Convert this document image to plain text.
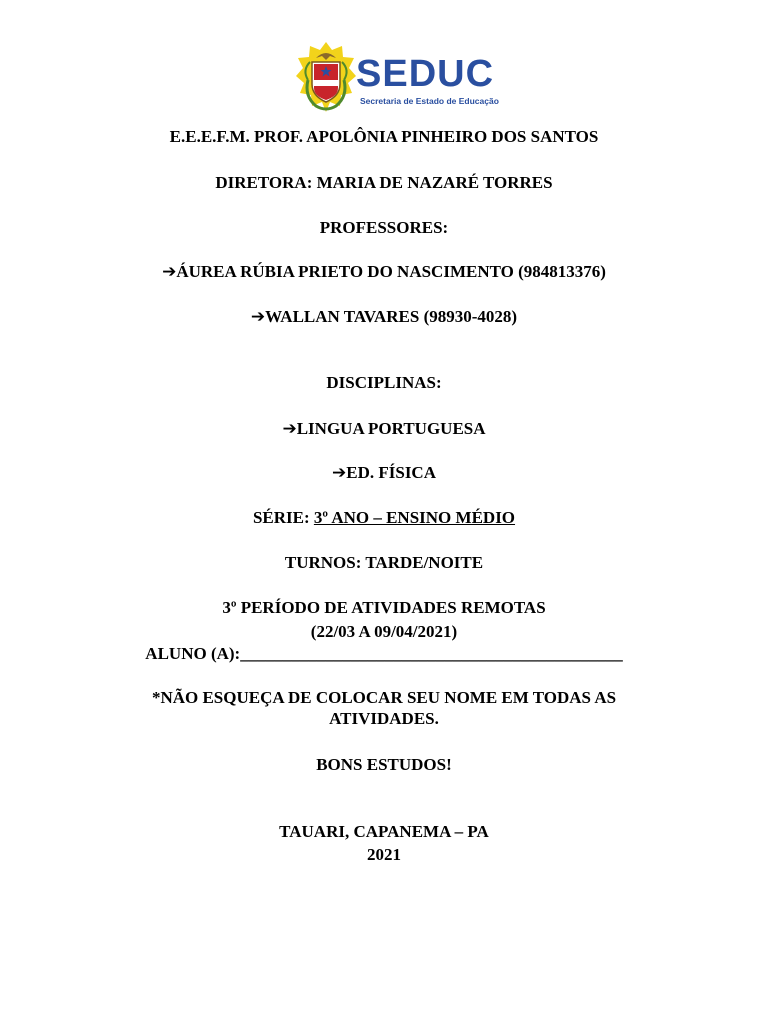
SEDUC
Secretaria de Estado de Educação
E.E.E.F.M. PROF. APOLÔNIA PINHEIRO DOS SANTOS
DIRETORA: MARIA DE NAZARÉ TORRES
PROFESSORES:
➔ÁUREA RÚBIA PRIETO DO NASCIMENTO (984813376)
➔WALLAN TAVARES (98930-4028)
DISCIPLINAS:
➔LINGUA PORTUGUESA
➔ED. FÍSICA
SÉRIE: 3º ANO – ENSINO MÉDIO
TURNOS: TARDE/NOITE
3º PERÍODO DE ATIVIDADES REMOTAS
(22/03 A 09/04/2021)
ALUNO (A):_____________________________________________
*NÃO ESQUEÇA DE COLOCAR SEU NOME EM TODAS AS
ATIVIDADES.
BONS ESTUDOS!
TAUARI, CAPANEMA – PA
2021
